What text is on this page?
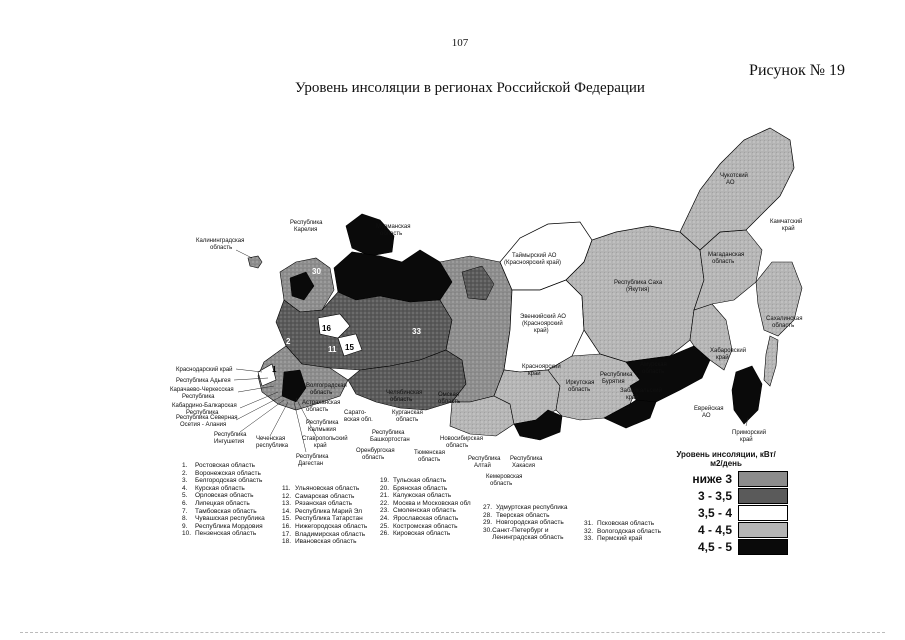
107
Рисунок № 19
Уровень инсоляции в регионах Российской Федерации
30
16
11 15
2
1
33
Чукотский
АО
Камчатский
край
Республика
Карелия	Мурманская
область
Калининградская
область
Таймырский АО
(Красноярский край)
Эвенкийский АО
(Красноярский
край)
Республика Саха
(Якутия)
Магаданская
область
Сахалинская
область
Хабаровский
край
Красноярский
край
Амурская
область
Республика
Бурятия
Забайкальский
край
Иркутская
область
Еврейская
АО
Приморский
край
Краснодарский край
Республика Адыгея
Карачаево-Черкесская
Республика
Кабардино-Балкарская
Республика
Республика Северная
Осетия - Алания
Республика
Ингушетия Чеченская
республика
Ставропольский
край
Республика
Дагестан
Астраханская
область
Республика
Калмыкия
Волгоградская
область
Сарато-
вская обл.
Республика
Башкортостан
Оренбургская
область
Челябинская
область
Курганская
область
Тюменская
область
Омская
область
Новосибирская
область
Республика
Алтай
Кемеровская
область
Республика
Хакасия
1.	Ростовская область
2.	Воронежская область
3.	Белгородская область
4.	Курская область
5.	Орловская область
6.	Липецкая область
7.	Тамбовская область
8.	Чувашская республика
9.	Республика Мордовия
10. Пензенская область
11. Ульяновская область
12. Самарская область
13. Рязанская область
14. Республика Марий Эл
15. Республика Татарстан
16. Нижегородская область
17. Владимирская область
18. Ивановская область
19. Тульская область
20. Брянская область
21. Калужская область
22. Москва и Московская обл
23. Смоленская область
24. Ярославская область
25. Костромская область
26. Кировская область
27. Удмуртская республика
28. Тверская область
29. Новгородская область
30. Санкт-Петербург и Ленинградская область
31. Псковская область
32. Вологодская область
33. Пермский край
Уровень инсоляции, кВт/м2/день
ниже 3
3 - 3,5
3,5 - 4
4 - 4,5
4,5 - 5
